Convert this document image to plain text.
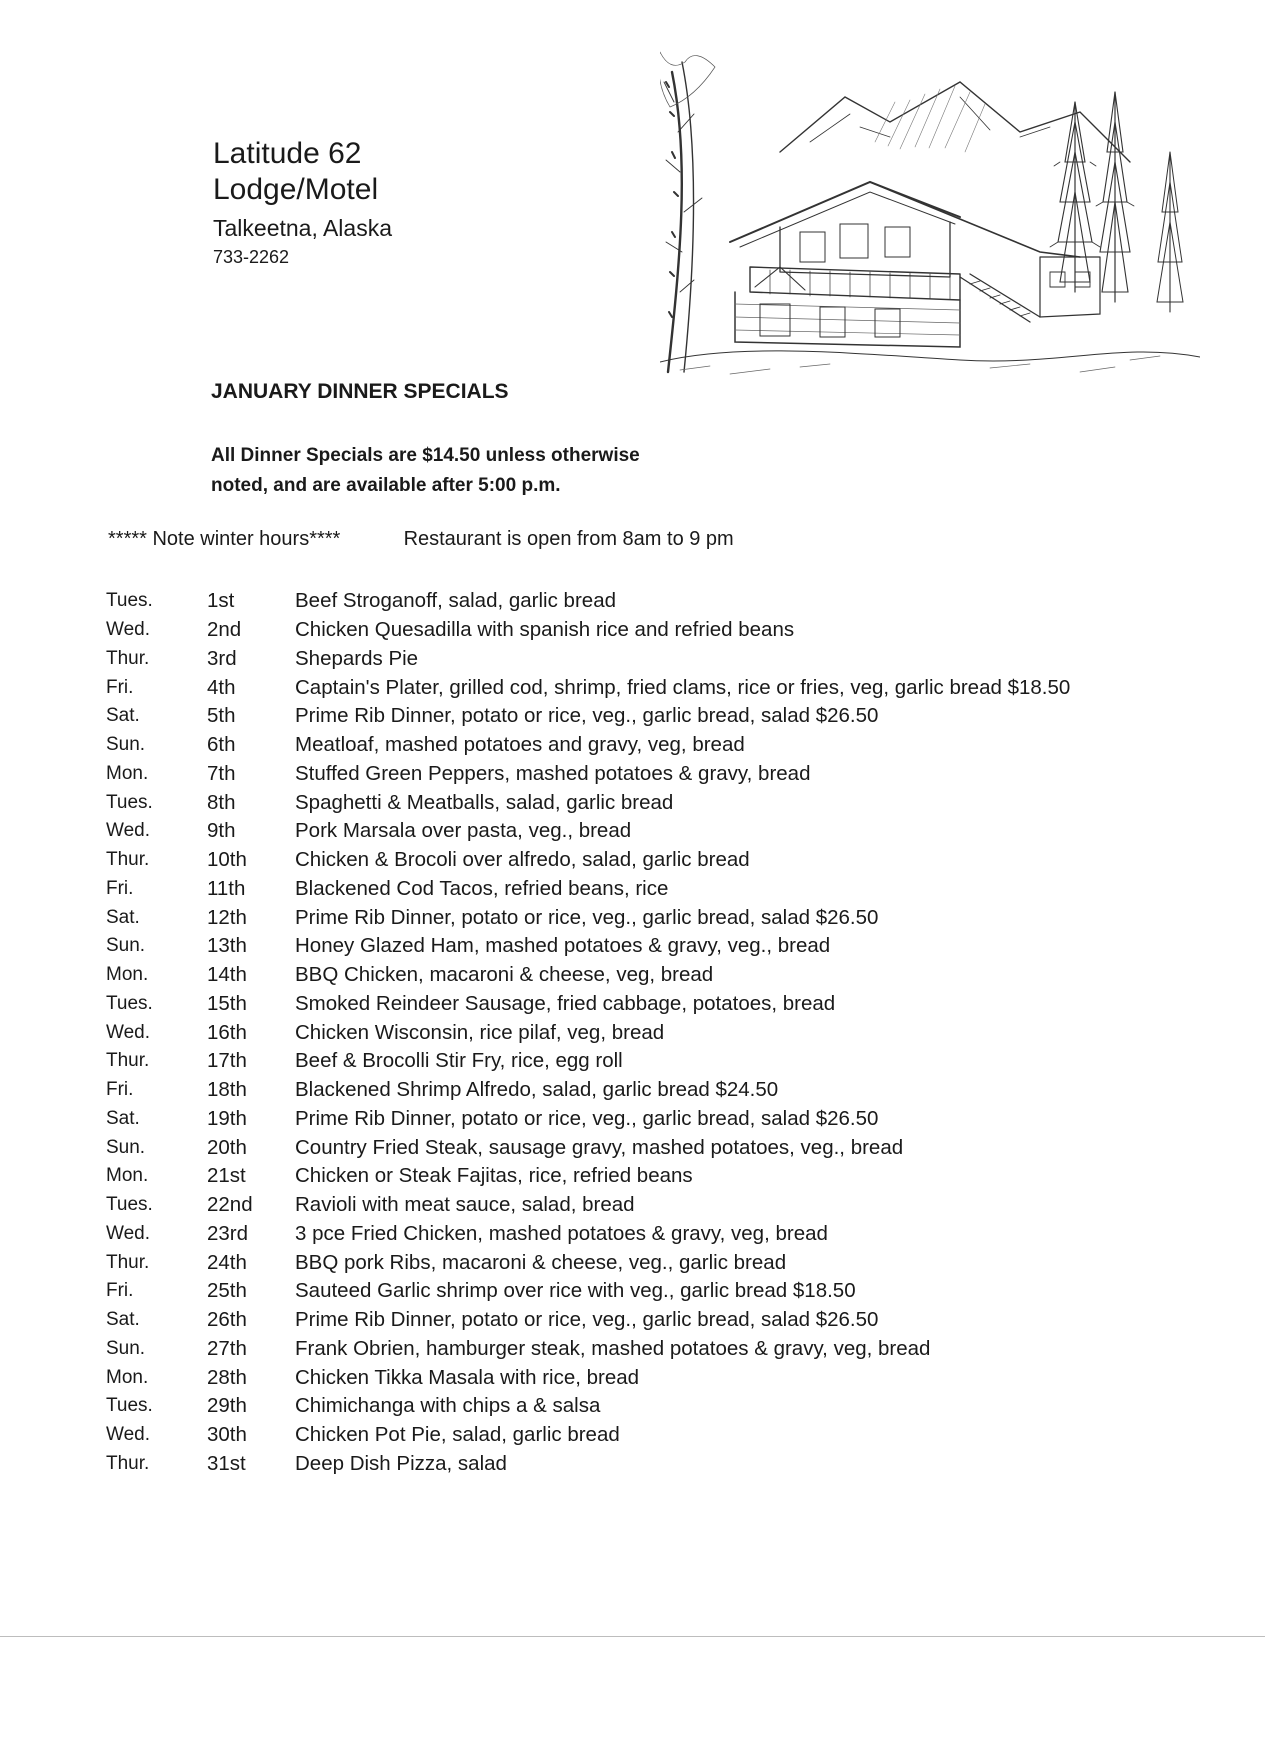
Latitude 62
Lodge/Motel
Talkeetna, Alaska
733-2262
JANUARY DINNER SPECIALS
All Dinner Specials are $14.50 unless otherwise
noted, and are available after 5:00 p.m.
***** Note winter hours****	Restaurant is open from 8am to 9 pm
Tues.	1st	Beef Stroganoff, salad, garlic bread
Wed.	2nd	Chicken Quesadilla with spanish rice and refried beans
Thur.	3rd	Shepards Pie
Fri.	4th	Captain's Plater, grilled cod, shrimp, fried clams, rice or fries, veg, garlic bread $18.50
Sat.	5th	Prime Rib Dinner, potato or rice, veg., garlic bread, salad $26.50
Sun.	6th	Meatloaf, mashed potatoes and gravy, veg, bread
Mon.	7th	Stuffed Green Peppers, mashed potatoes & gravy, bread
Tues.	8th	Spaghetti & Meatballs, salad, garlic bread
Wed.	9th	Pork Marsala over pasta, veg., bread
Thur.	10th	Chicken & Brocoli over alfredo, salad, garlic bread
Fri.	11th	Blackened Cod Tacos, refried beans, rice
Sat.	12th	Prime Rib Dinner, potato or rice, veg., garlic bread, salad $26.50
Sun.	13th	Honey Glazed Ham, mashed potatoes & gravy, veg., bread
Mon.	14th	BBQ Chicken, macaroni & cheese, veg, bread
Tues.	15th	Smoked Reindeer Sausage, fried cabbage, potatoes, bread
Wed.	16th	Chicken Wisconsin, rice pilaf, veg, bread
Thur.	17th	Beef & Brocolli Stir Fry, rice, egg roll
Fri.	18th	Blackened Shrimp Alfredo, salad, garlic bread $24.50
Sat.	19th	Prime Rib Dinner, potato or rice, veg., garlic bread, salad $26.50
Sun.	20th	Country Fried Steak, sausage gravy, mashed potatoes, veg., bread
Mon.	21st	Chicken or Steak Fajitas, rice, refried beans
Tues.	22nd	Ravioli with meat sauce, salad, bread
Wed.	23rd	3 pce Fried Chicken, mashed potatoes & gravy, veg, bread
Thur.	24th	BBQ pork Ribs, macaroni & cheese, veg., garlic bread
Fri.	25th	Sauteed Garlic shrimp over rice with veg., garlic bread $18.50
Sat.	26th	Prime Rib Dinner, potato or rice, veg., garlic bread, salad $26.50
Sun.	27th	Frank Obrien, hamburger steak, mashed potatoes & gravy, veg, bread
Mon.	28th	Chicken Tikka Masala with rice, bread
Tues.	29th	Chimichanga with chips a & salsa
Wed.	30th	Chicken Pot Pie, salad, garlic bread
Thur.	31st	Deep Dish Pizza, salad
